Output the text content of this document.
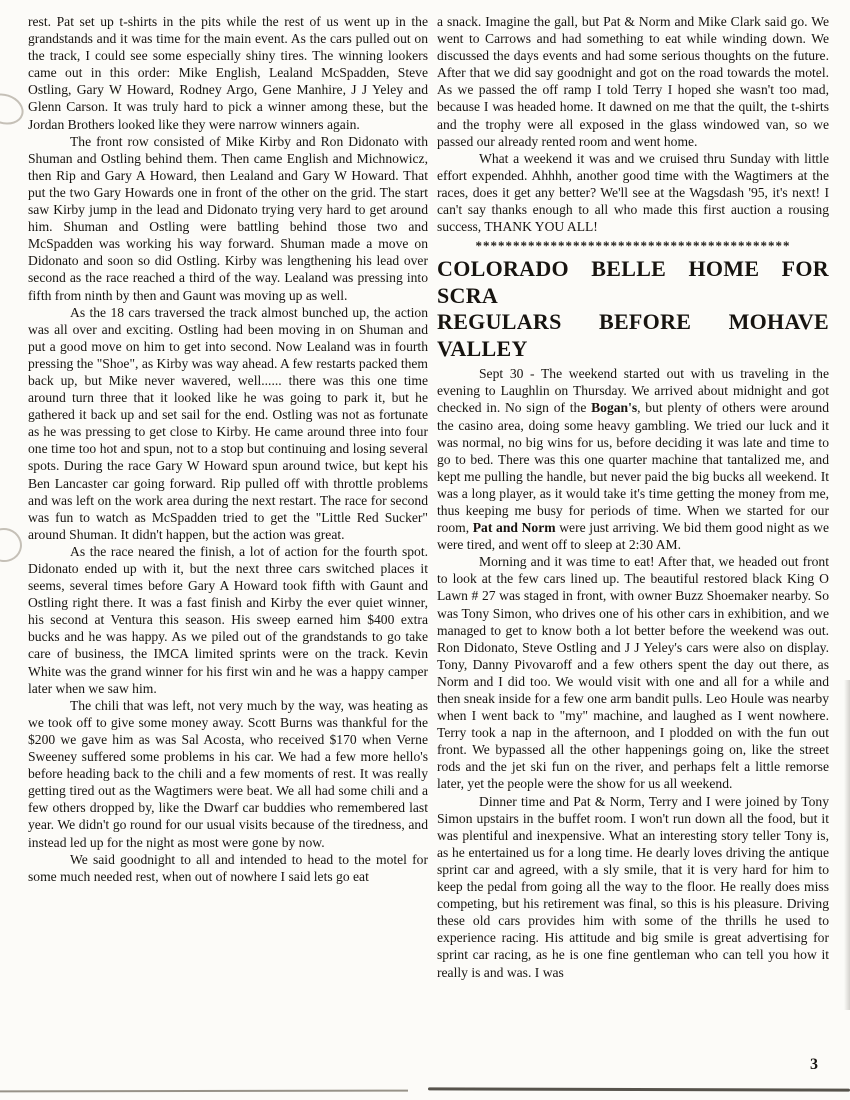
rest. Pat set up t-shirts in the pits while the rest of us went up in the grandstands and it was time for the main event. As the cars pulled out on the track, I could see some especially shiny tires. The winning lookers came out in this order: Mike English, Lealand McSpadden, Steve Ostling, Gary W Howard, Rodney Argo, Gene Manhire, J J Yeley and Glenn Carson. It was truly hard to pick a winner among these, but the Jordan Brothers looked like they were narrow winners again.

The front row consisted of Mike Kirby and Ron Didonato with Shuman and Ostling behind them. Then came English and Michnowicz, then Rip and Gary A Howard, then Lealand and Gary W Howard. That put the two Gary Howards one in front of the other on the grid. The start saw Kirby jump in the lead and Didonato trying very hard to get around him. Shuman and Ostling were battling behind those two and McSpadden was working his way forward. Shuman made a move on Didonato and soon so did Ostling. Kirby was lengthening his lead over second as the race reached a third of the way. Lealand was pressing into fifth from ninth by then and Gaunt was moving up as well.

As the 18 cars traversed the track almost bunched up, the action was all over and exciting. Ostling had been moving in on Shuman and put a good move on him to get into second. Now Lealand was in fourth pressing the "Shoe", as Kirby was way ahead. A few restarts packed them back up, but Mike never wavered, well...... there was this one time around turn three that it looked like he was going to park it, but he gathered it back up and set sail for the end. Ostling was not as fortunate as he was pressing to get close to Kirby. He came around three into four one time too hot and spun, not to a stop but continuing and losing several spots. During the race Gary W Howard spun around twice, but kept his Ben Lancaster car going forward. Rip pulled off with throttle problems and was left on the work area during the next restart. The race for second was fun to watch as McSpadden tried to get the "Little Red Sucker" around Shuman. It didn't happen, but the action was great.

As the race neared the finish, a lot of action for the fourth spot. Didonato ended up with it, but the next three cars switched places it seems, several times before Gary A Howard took fifth with Gaunt and Ostling right there. It was a fast finish and Kirby the ever quiet winner, his second at Ventura this season. His sweep earned him $400 extra bucks and he was happy. As we piled out of the grandstands to go take care of business, the IMCA limited sprints were on the track. Kevin White was the grand winner for his first win and he was a happy camper later when we saw him.

The chili that was left, not very much by the way, was heating as we took off to give some money away. Scott Burns was thankful for the $200 we gave him as was Sal Acosta, who received $170 when Verne Sweeney suffered some problems in his car. We had a few more hello's before heading back to the chili and a few moments of rest. It was really getting tired out as the Wagtimers were beat. We all had some chili and a few others dropped by, like the Dwarf car buddies who remembered last year. We didn't go round for our usual visits because of the tiredness, and instead led up for the night as most were gone by now.

We said goodnight to all and intended to head to the motel for some much needed rest, when out of nowhere I said lets go eat

a snack. Imagine the gall, but Pat & Norm and Mike Clark said go. We went to Carrows and had something to eat while winding down. We discussed the days events and had some serious thoughts on the future. After that we did say goodnight and got on the road towards the motel. As we passed the off ramp I told Terry I hoped she wasn't too mad, because I was headed home. It dawned on me that the quilt, the t-shirts and the trophy were all exposed in the glass windowed van, so we passed our already rented room and went home.

What a weekend it was and we cruised thru Sunday with little effort expended. Ahhhh, another good time with the Wagtimers at the races, does it get any better? We'll see at the Wagsdash '95, it's next! I can't say thanks enough to all who made this first auction a rousing success, THANK YOU ALL!

******************************************
COLORADO BELLE HOME FOR SCRA
REGULARS BEFORE MOHAVE VALLEY

Sept 30 - The weekend started out with us traveling in the evening to Laughlin on Thursday. We arrived about midnight and got checked in. No sign of the Bogan's, but plenty of others were around the casino area, doing some heavy gambling. We tried our luck and it was normal, no big wins for us, before deciding it was late and time to go to bed. There was this one quarter machine that tantalized me, and kept me pulling the handle, but never paid the big bucks all weekend. It was a long player, as it would take it's time getting the money from me, thus keeping me busy for periods of time. When we started for our room, Pat and Norm were just arriving. We bid them good night as we were tired, and went off to sleep at 2:30 AM.

Morning and it was time to eat! After that, we headed out front to look at the few cars lined up. The beautiful restored black King O Lawn # 27 was staged in front, with owner Buzz Shoemaker nearby. So was Tony Simon, who drives one of his other cars in exhibition, and we managed to get to know both a lot better before the weekend was out. Ron Didonato, Steve Ostling and J J Yeley's cars were also on display. Tony, Danny Pivovaroff and a few others spent the day out there, as Norm and I did too. We would visit with one and all for a while and then sneak inside for a few one arm bandit pulls. Leo Houle was nearby when I went back to "my" machine, and laughed as I went nowhere. Terry took a nap in the afternoon, and I plodded on with the fun out front. We bypassed all the other happenings going on, like the street rods and the jet ski fun on the river, and perhaps felt a little remorse later, yet the people were the show for us all weekend.

Dinner time and Pat & Norm, Terry and I were joined by Tony Simon upstairs in the buffet room. I won't run down all the food, but it was plentiful and inexpensive. What an interesting story teller Tony is, as he entertained us for a long time. He dearly loves driving the antique sprint car and agreed, with a sly smile, that it is very hard for him to keep the pedal from going all the way to the floor. He really does miss competing, but his retirement was final, so this is his pleasure. Driving these old cars provides him with some of the thrills he used to experience racing. His attitude and big smile is great advertising for sprint car racing, as he is one fine gentleman who can tell you how it really is and was. I was

3
